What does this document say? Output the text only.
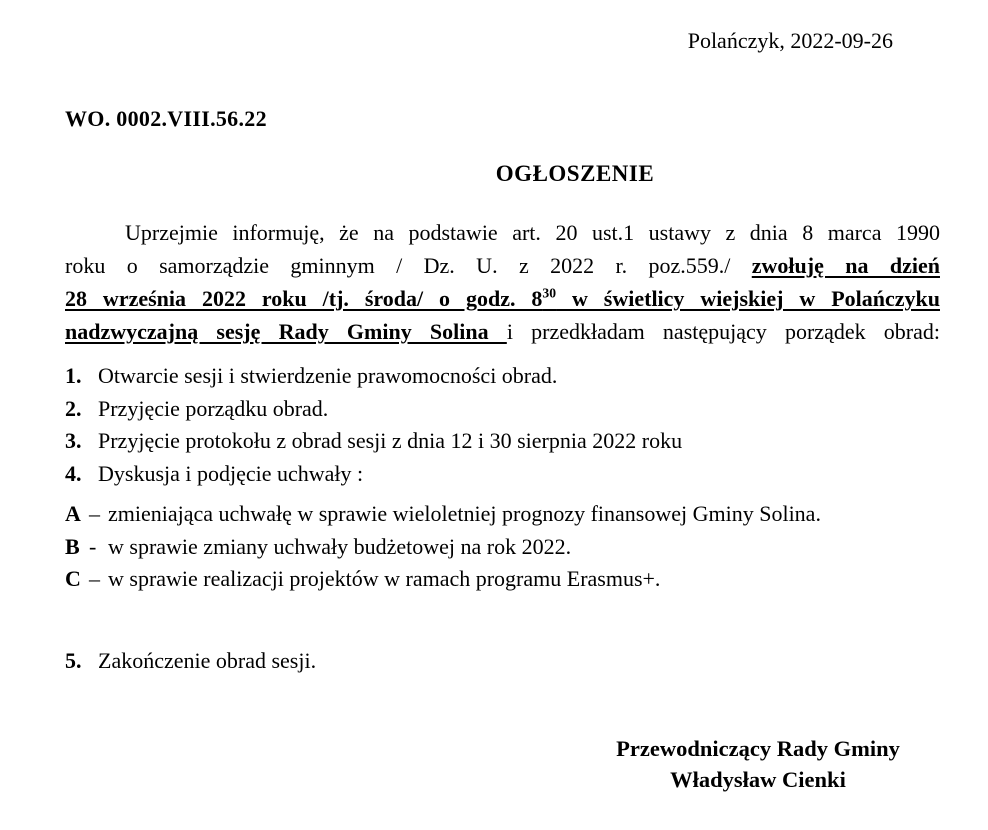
Polańczyk, 2022-09-26
WO. 0002.VIII.56.22
OGŁOSZENIE
Uprzejmie informuję, że na podstawie art. 20 ust.1 ustawy z dnia 8 marca 1990
roku o samorządzie gminnym / Dz. U. z 2022 r. poz.559./ zwołuję na dzień
28 września 2022 roku /tj. środa/ o godz. $8^{30}$ w świetlicy wiejskiej w Polańczyku
nadzwyczajną sesję Rady Gminy Solina i przedkładam następujący porządek obrad:
1. Otwarcie sesji i stwierdzenie prawomocności obrad.
2. Przyjęcie porządku obrad.
3. Przyjęcie protokołu z obrad sesji z dnia 12 i 30 sierpnia 2022 roku
4. Dyskusja i podjęcie uchwały :
A – zmieniająca uchwałę w sprawie wieloletniej prognozy finansowej Gminy Solina.
B - w sprawie zmiany uchwały budżetowej na rok 2022.
C – w sprawie realizacji projektów w ramach programu Erasmus+.
5. Zakończenie obrad sesji.
Przewodniczący Rady Gminy
Władysław Cienki
